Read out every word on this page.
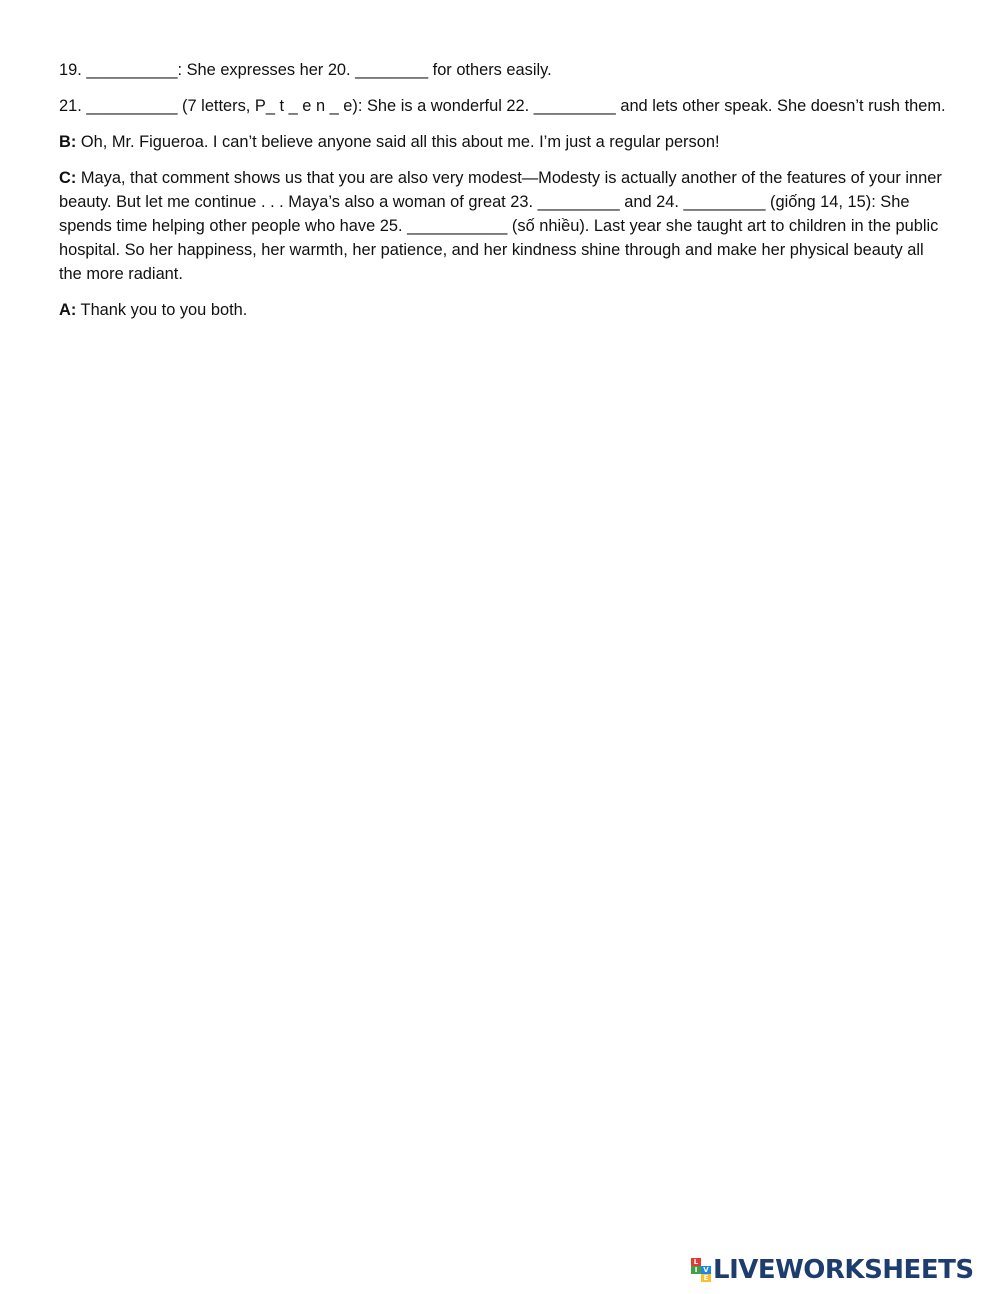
19. __________: She expresses her 20. ________ for others easily.

21. __________ (7 letters, P_ t _ e n _ e): She is a wonderful 22. _________ and lets other speak. She doesn’t rush them.

B: Oh, Mr. Figueroa. I can’t believe anyone said all this about me. I’m just a regular person!

C: Maya, that comment shows us that you are also very modest—Modesty is actually another of the features of your inner beauty. But let me continue . . . Maya’s also a woman of great 23. _________ and 24. _________ (giống 14, 15): She spends time helping other people who have 25. ___________ (số nhiều). Last year she taught art to children in the public hospital. So her happiness, her warmth, her patience, and her kindness shine through and make her physical beauty all the more radiant.

A: Thank you to you both.

L
I V
E LIVEWORKSHEETS
